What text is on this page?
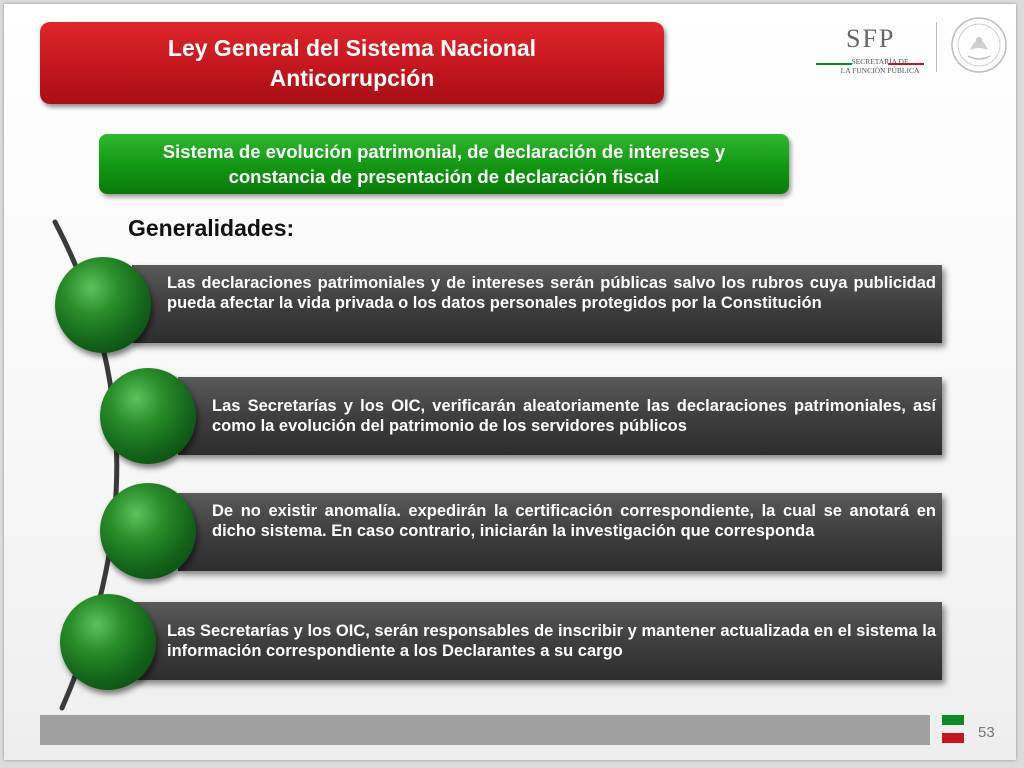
Ley General del Sistema Nacional
Anticorrupción
SFP
SECRETARÍA DE
LA FUNCIÓN PÚBLICA
Sistema de evolución patrimonial, de declaración de intereses y
constancia de presentación de declaración fiscal
Generalidades:
Las declaraciones patrimoniales y de intereses serán públicas salvo los rubros cuya publicidad pueda afectar la vida privada o los datos personales protegidos por la Constitución
Las Secretarías y los OIC, verificarán aleatoriamente las declaraciones patrimoniales, así como la evolución del patrimonio de los servidores públicos
De no existir anomalía. expedirán la certificación correspondiente, la cual se anotará en dicho sistema. En caso contrario, iniciarán la investigación que corresponda
Las Secretarías y los OIC, serán responsables de inscribir y mantener actualizada en el sistema la información correspondiente a los Declarantes a su cargo
53
